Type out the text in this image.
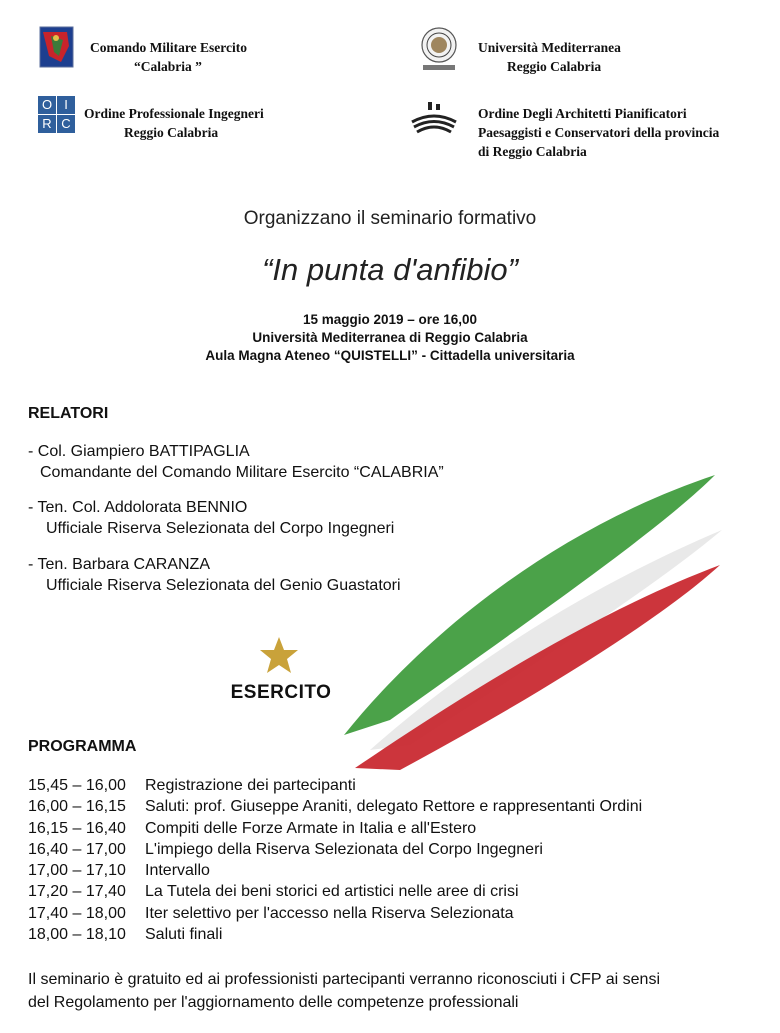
Comando Militare Esercito
“Calabria ”
Università Mediterranea
Reggio Calabria
O I
R C
Ordine Professionale Ingegneri
Reggio Calabria
Ordine Degli Architetti Pianificatori
Paesaggisti e Conservatori della provincia
di Reggio Calabria
Organizzano il seminario formativo
“In punta d'anfibio”
15 maggio 2019 – ore 16,00
Università Mediterranea di Reggio Calabria
Aula Magna Ateneo “QUISTELLI” - Cittadella universitaria
RELATORI
- Col. Giampiero BATTIPAGLIA
Comandante del Comando Militare Esercito “CALABRIA”
- Ten. Col. Addolorata BENNIO
Ufficiale Riserva Selezionata del Corpo Ingegneri
- Ten. Barbara CARANZA
Ufficiale Riserva Selezionata del Genio Guastatori
ESERCITO
PROGRAMMA
15,45 – 16,00 Registrazione dei partecipanti
16,00 – 16,15 Saluti: prof. Giuseppe Araniti, delegato Rettore e rappresentanti Ordini
16,15 – 16,40 Compiti delle Forze Armate in Italia e all'Estero
16,40 – 17,00 L'impiego della Riserva Selezionata del Corpo Ingegneri
17,00 – 17,10 Intervallo
17,20 – 17,40 La Tutela dei beni storici ed artistici nelle aree di crisi
17,40 – 18,00 Iter selettivo per l'accesso nella Riserva Selezionata
18,00 – 18,10 Saluti finali
Il seminario è gratuito ed ai professionisti partecipanti verranno riconosciuti i CFP ai sensi
del Regolamento per l'aggiornamento delle competenze professionali
